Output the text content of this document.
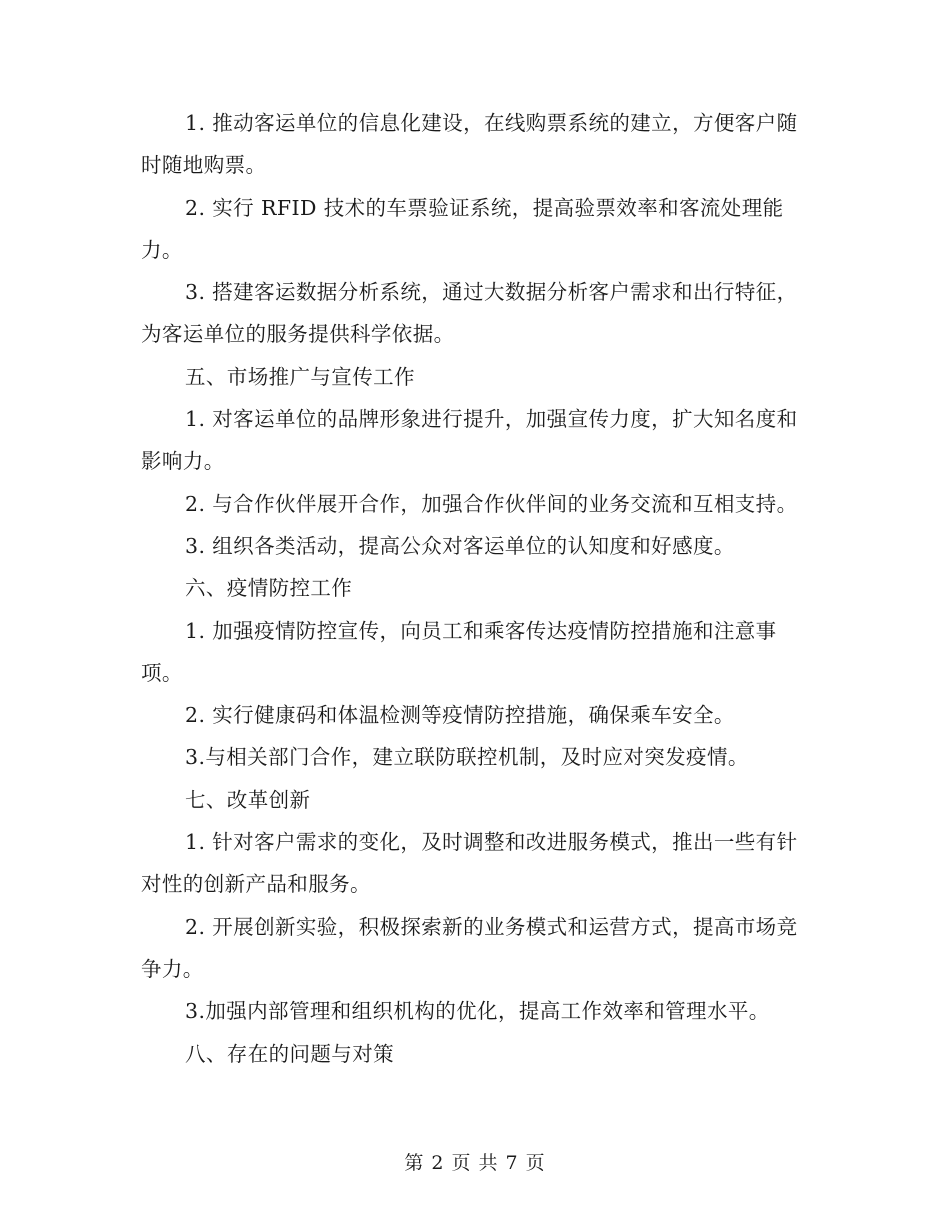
1. 推动客运单位的信息化建设，在线购票系统的建立，方便客户随时随地购票。

2. 实行 RFID 技术的车票验证系统，提高验票效率和客流处理能力。

3. 搭建客运数据分析系统，通过大数据分析客户需求和出行特征，为客运单位的服务提供科学依据。

五、市场推广与宣传工作

1. 对客运单位的品牌形象进行提升，加强宣传力度，扩大知名度和影响力。

2. 与合作伙伴展开合作，加强合作伙伴间的业务交流和互相支持。

3. 组织各类活动，提高公众对客运单位的认知度和好感度。

六、疫情防控工作

1. 加强疫情防控宣传，向员工和乘客传达疫情防控措施和注意事项。

2. 实行健康码和体温检测等疫情防控措施，确保乘车安全。

3.与相关部门合作，建立联防联控机制，及时应对突发疫情。

七、改革创新

1. 针对客户需求的变化，及时调整和改进服务模式，推出一些有针对性的创新产品和服务。

2. 开展创新实验，积极探索新的业务模式和运营方式，提高市场竞争力。

3.加强内部管理和组织机构的优化，提高工作效率和管理水平。

八、存在的问题与对策

第 2 页 共 7 页
